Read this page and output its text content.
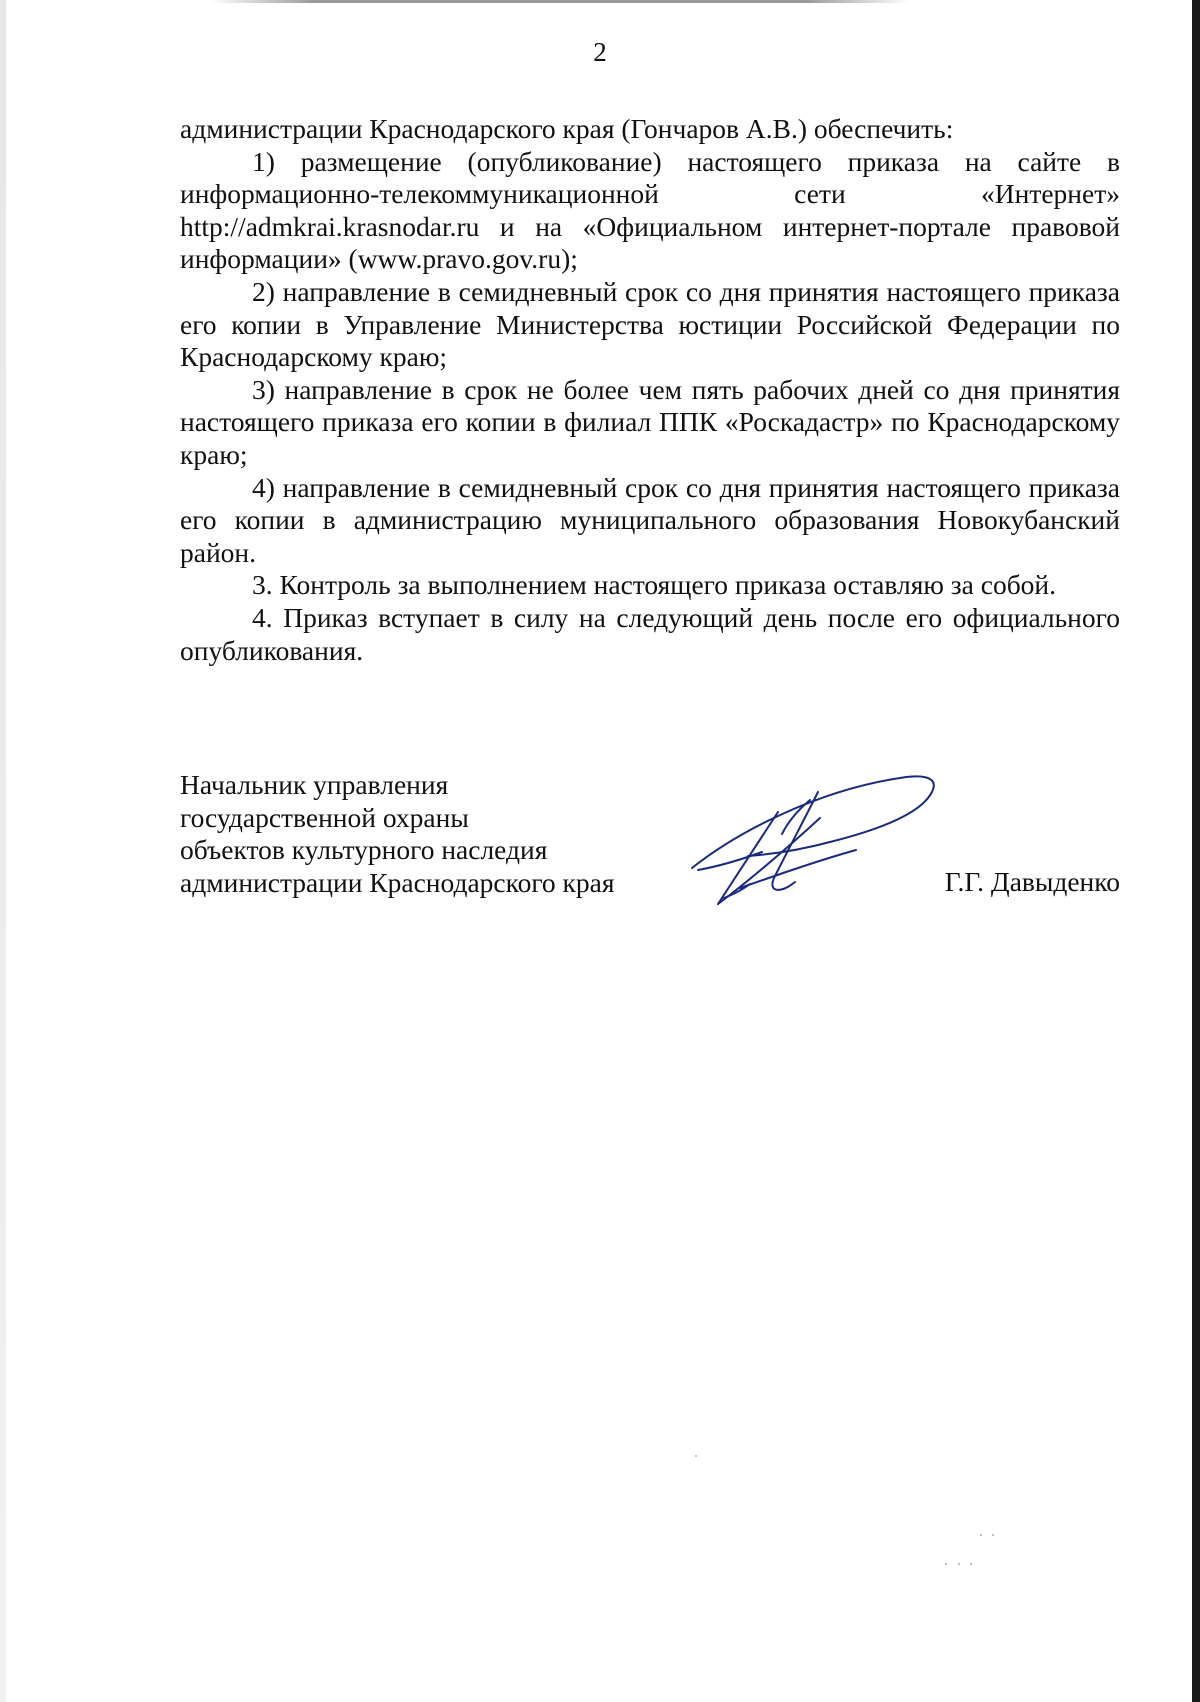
2

администрации Краснодарского края (Гончаров А.В.) обеспечить:

1) размещение (опубликование) настоящего приказа на сайте в информационно-телекоммуникационной сети «Интернет» http://admkrai.krasnodar.ru и на «Официальном интернет-портале правовой информации» (www.pravo.gov.ru);

2) направление в семидневный срок со дня принятия настоящего приказа его копии в Управление Министерства юстиции Российской Федерации по Краснодарскому краю;

3) направление в срок не более чем пять рабочих дней со дня принятия настоящего приказа его копии в филиал ППК «Роскадастр» по Краснодарскому краю;

4) направление в семидневный срок со дня принятия настоящего приказа его копии в администрацию муниципального образования Новокубанский район.

3. Контроль за выполнением настоящего приказа оставляю за собой.

4. Приказ вступает в силу на следующий день после его официального опубликования.

Начальник управления
государственной охраны
объектов культурного наследия
администрации Краснодарского края	Г.Г. Давыденко
